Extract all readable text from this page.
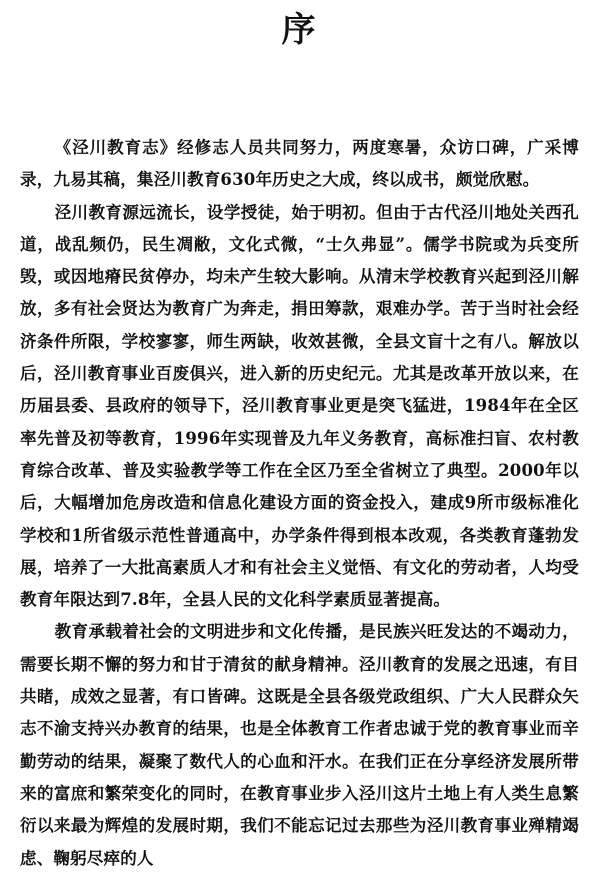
序

《泾川教育志》经修志人员共同努力，两度寒暑，众访口碑，广采博录，九易其稿，集泾川教育630年历史之大成，终以成书，颇觉欣慰。

泾川教育源远流长，设学授徒，始于明初。但由于古代泾川地处关西孔道，战乱频仍，民生凋敝，文化式微，“士久弗显”。儒学书院或为兵变所毁，或因地瘠民贫停办，均未产生较大影响。从清末学校教育兴起到泾川解放，多有社会贤达为教育广为奔走，捐田筹款，艰难办学。苦于当时社会经济条件所限，学校寥寥，师生两缺，收效甚微，全县文盲十之有八。解放以后，泾川教育事业百废俱兴，进入新的历史纪元。尤其是改革开放以来，在历届县委、县政府的领导下，泾川教育事业更是突飞猛进，1984年在全区率先普及初等教育，1996年实现普及九年义务教育，高标准扫盲、农村教育综合改革、普及实验教学等工作在全区乃至全省树立了典型。2000年以后，大幅增加危房改造和信息化建设方面的资金投入，建成9所市级标准化学校和1所省级示范性普通高中，办学条件得到根本改观，各类教育蓬勃发展，培养了一大批高素质人才和有社会主义觉悟、有文化的劳动者，人均受教育年限达到7.8年，全县人民的文化科学素质显著提高。

教育承载着社会的文明进步和文化传播，是民族兴旺发达的不竭动力，需要长期不懈的努力和甘于清贫的献身精神。泾川教育的发展之迅速，有目共睹，成效之显著，有口皆碑。这既是全县各级党政组织、广大人民群众矢志不渝支持兴办教育的结果，也是全体教育工作者忠诚于党的教育事业而辛勤劳动的结果，凝聚了数代人的心血和汗水。在我们正在分享经济发展所带来的富庶和繁荣变化的同时，在教育事业步入泾川这片土地上有人类生息繁衍以来最为辉煌的发展时期，我们不能忘记过去那些为泾川教育事业殚精竭虑、鞠躬尽瘁的人
